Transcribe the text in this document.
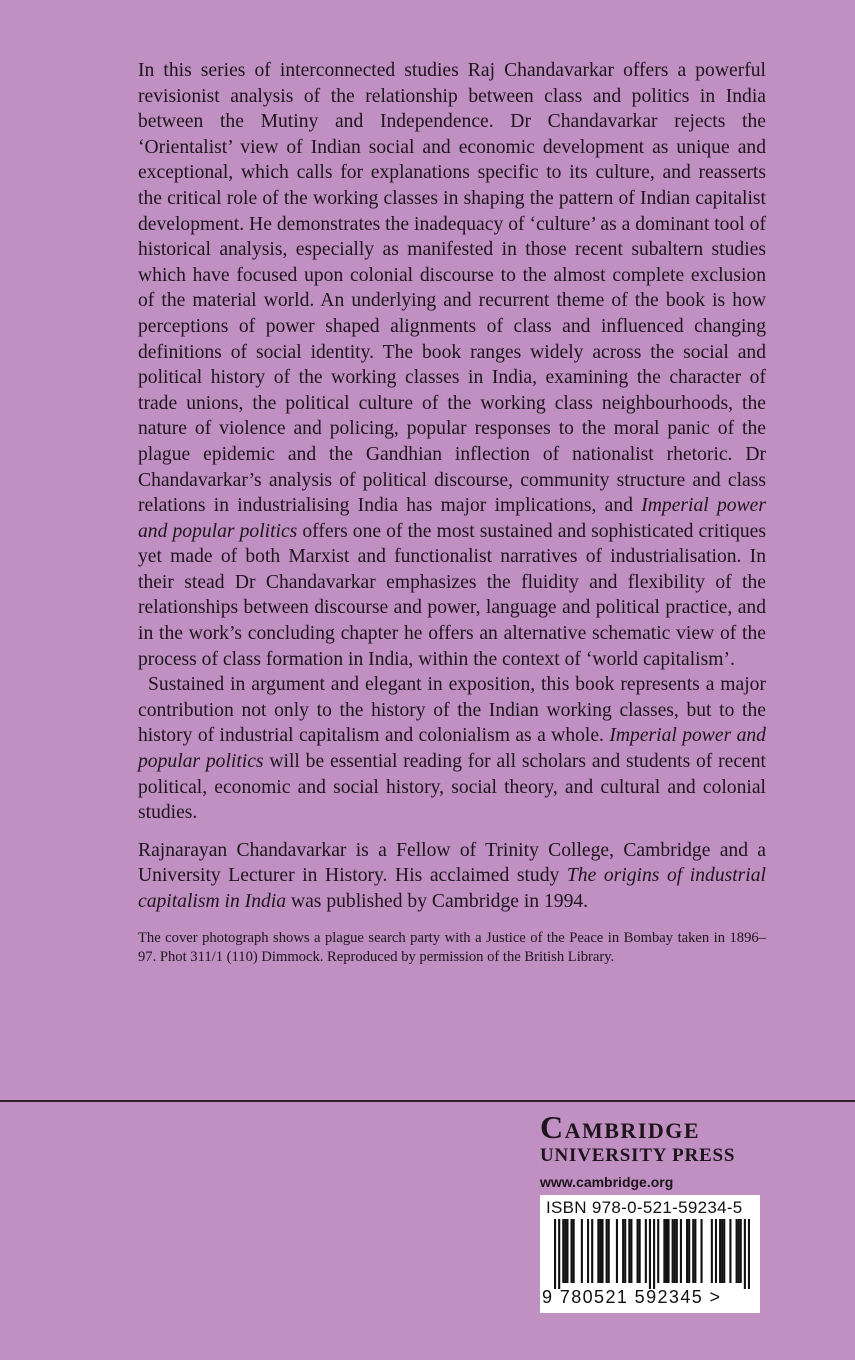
In this series of interconnected studies Raj Chandavarkar offers a powerful revisionist analysis of the relationship between class and politics in India between the Mutiny and Independence. Dr Chandavarkar rejects the ‘Orientalist’ view of Indian social and economic development as unique and exceptional, which calls for explanations specific to its culture, and reasserts the critical role of the working classes in shaping the pattern of Indian capitalist development. He demonstrates the inadequacy of ‘culture’ as a dominant tool of historical analysis, especially as manifested in those recent subaltern studies which have focused upon colonial discourse to the almost complete exclusion of the material world. An underlying and recurrent theme of the book is how perceptions of power shaped alignments of class and influenced changing definitions of social identity. The book ranges widely across the social and political history of the working classes in India, examining the character of trade unions, the political culture of the working class neighbourhoods, the nature of violence and policing, popular responses to the moral panic of the plague epidemic and the Gandhian inflection of nationalist rhetoric. Dr Chandavarkar’s analysis of political discourse, community structure and class relations in industrialising India has major implications, and Imperial power and popular politics offers one of the most sustained and sophisticated critiques yet made of both Marxist and functionalist narratives of industrialisation. In their stead Dr Chandavarkar emphasizes the fluidity and flexibility of the relationships between discourse and power, language and political practice, and in the work’s concluding chapter he offers an alternative schematic view of the process of class formation in India, within the context of ‘world capitalism’.

Sustained in argument and elegant in exposition, this book represents a major contribution not only to the history of the Indian working classes, but to the history of industrial capitalism and colonialism as a whole. Imperial power and popular politics will be essential reading for all scholars and students of recent political, economic and social history, social theory, and cultural and colonial studies.

Rajnarayan Chandavarkar is a Fellow of Trinity College, Cambridge and a University Lecturer in History. His acclaimed study The origins of industrial capitalism in India was published by Cambridge in 1994.

The cover photograph shows a plague search party with a Justice of the Peace in Bombay taken in 1896–97. Phot 311/1 (110) Dimmock. Reproduced by permission of the British Library.

Cambridge
UNIVERSITY PRESS
www.cambridge.org
ISBN 978-0-521-59234-5
9 780521 592345 >
